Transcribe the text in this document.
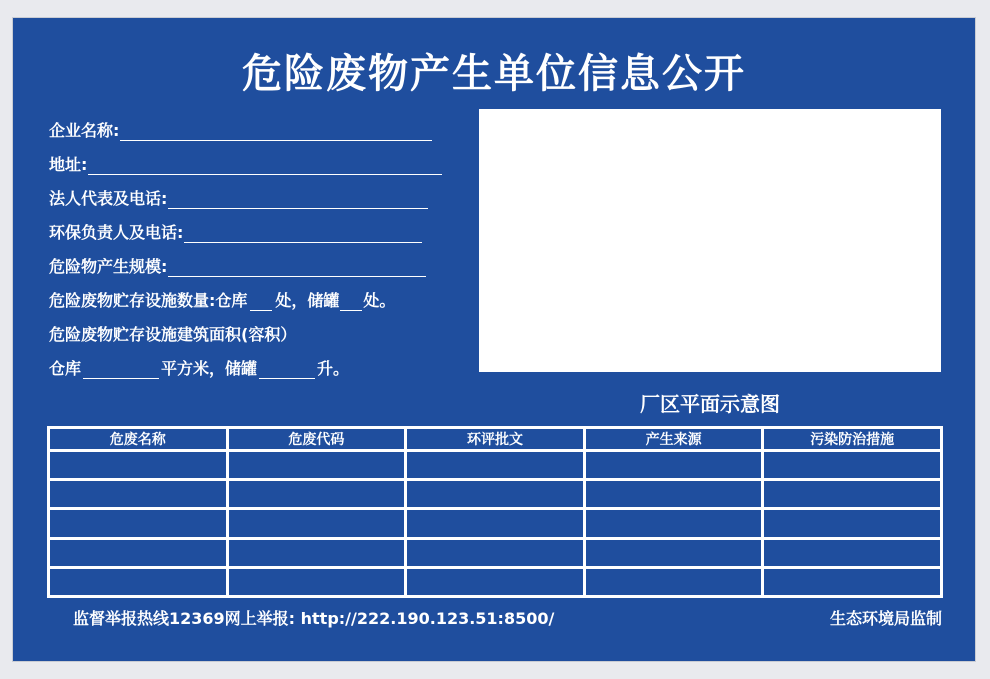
危险废物产生单位信息公开
企业名称:
地址:
法人代表及电话:
环保负责人及电话:
危险物产生规模:
危险废物贮存设施数量:仓库 处，储罐 处。
危险废物贮存设施建筑面积(容积）
仓库	平方米，储罐	升。
厂区平面示意图
危废名称	危废代码	环评批文	产生来源	污染防治措施

监督举报热线12369网上举报: http://222.190.123.51:8500/	生态环境局监制
